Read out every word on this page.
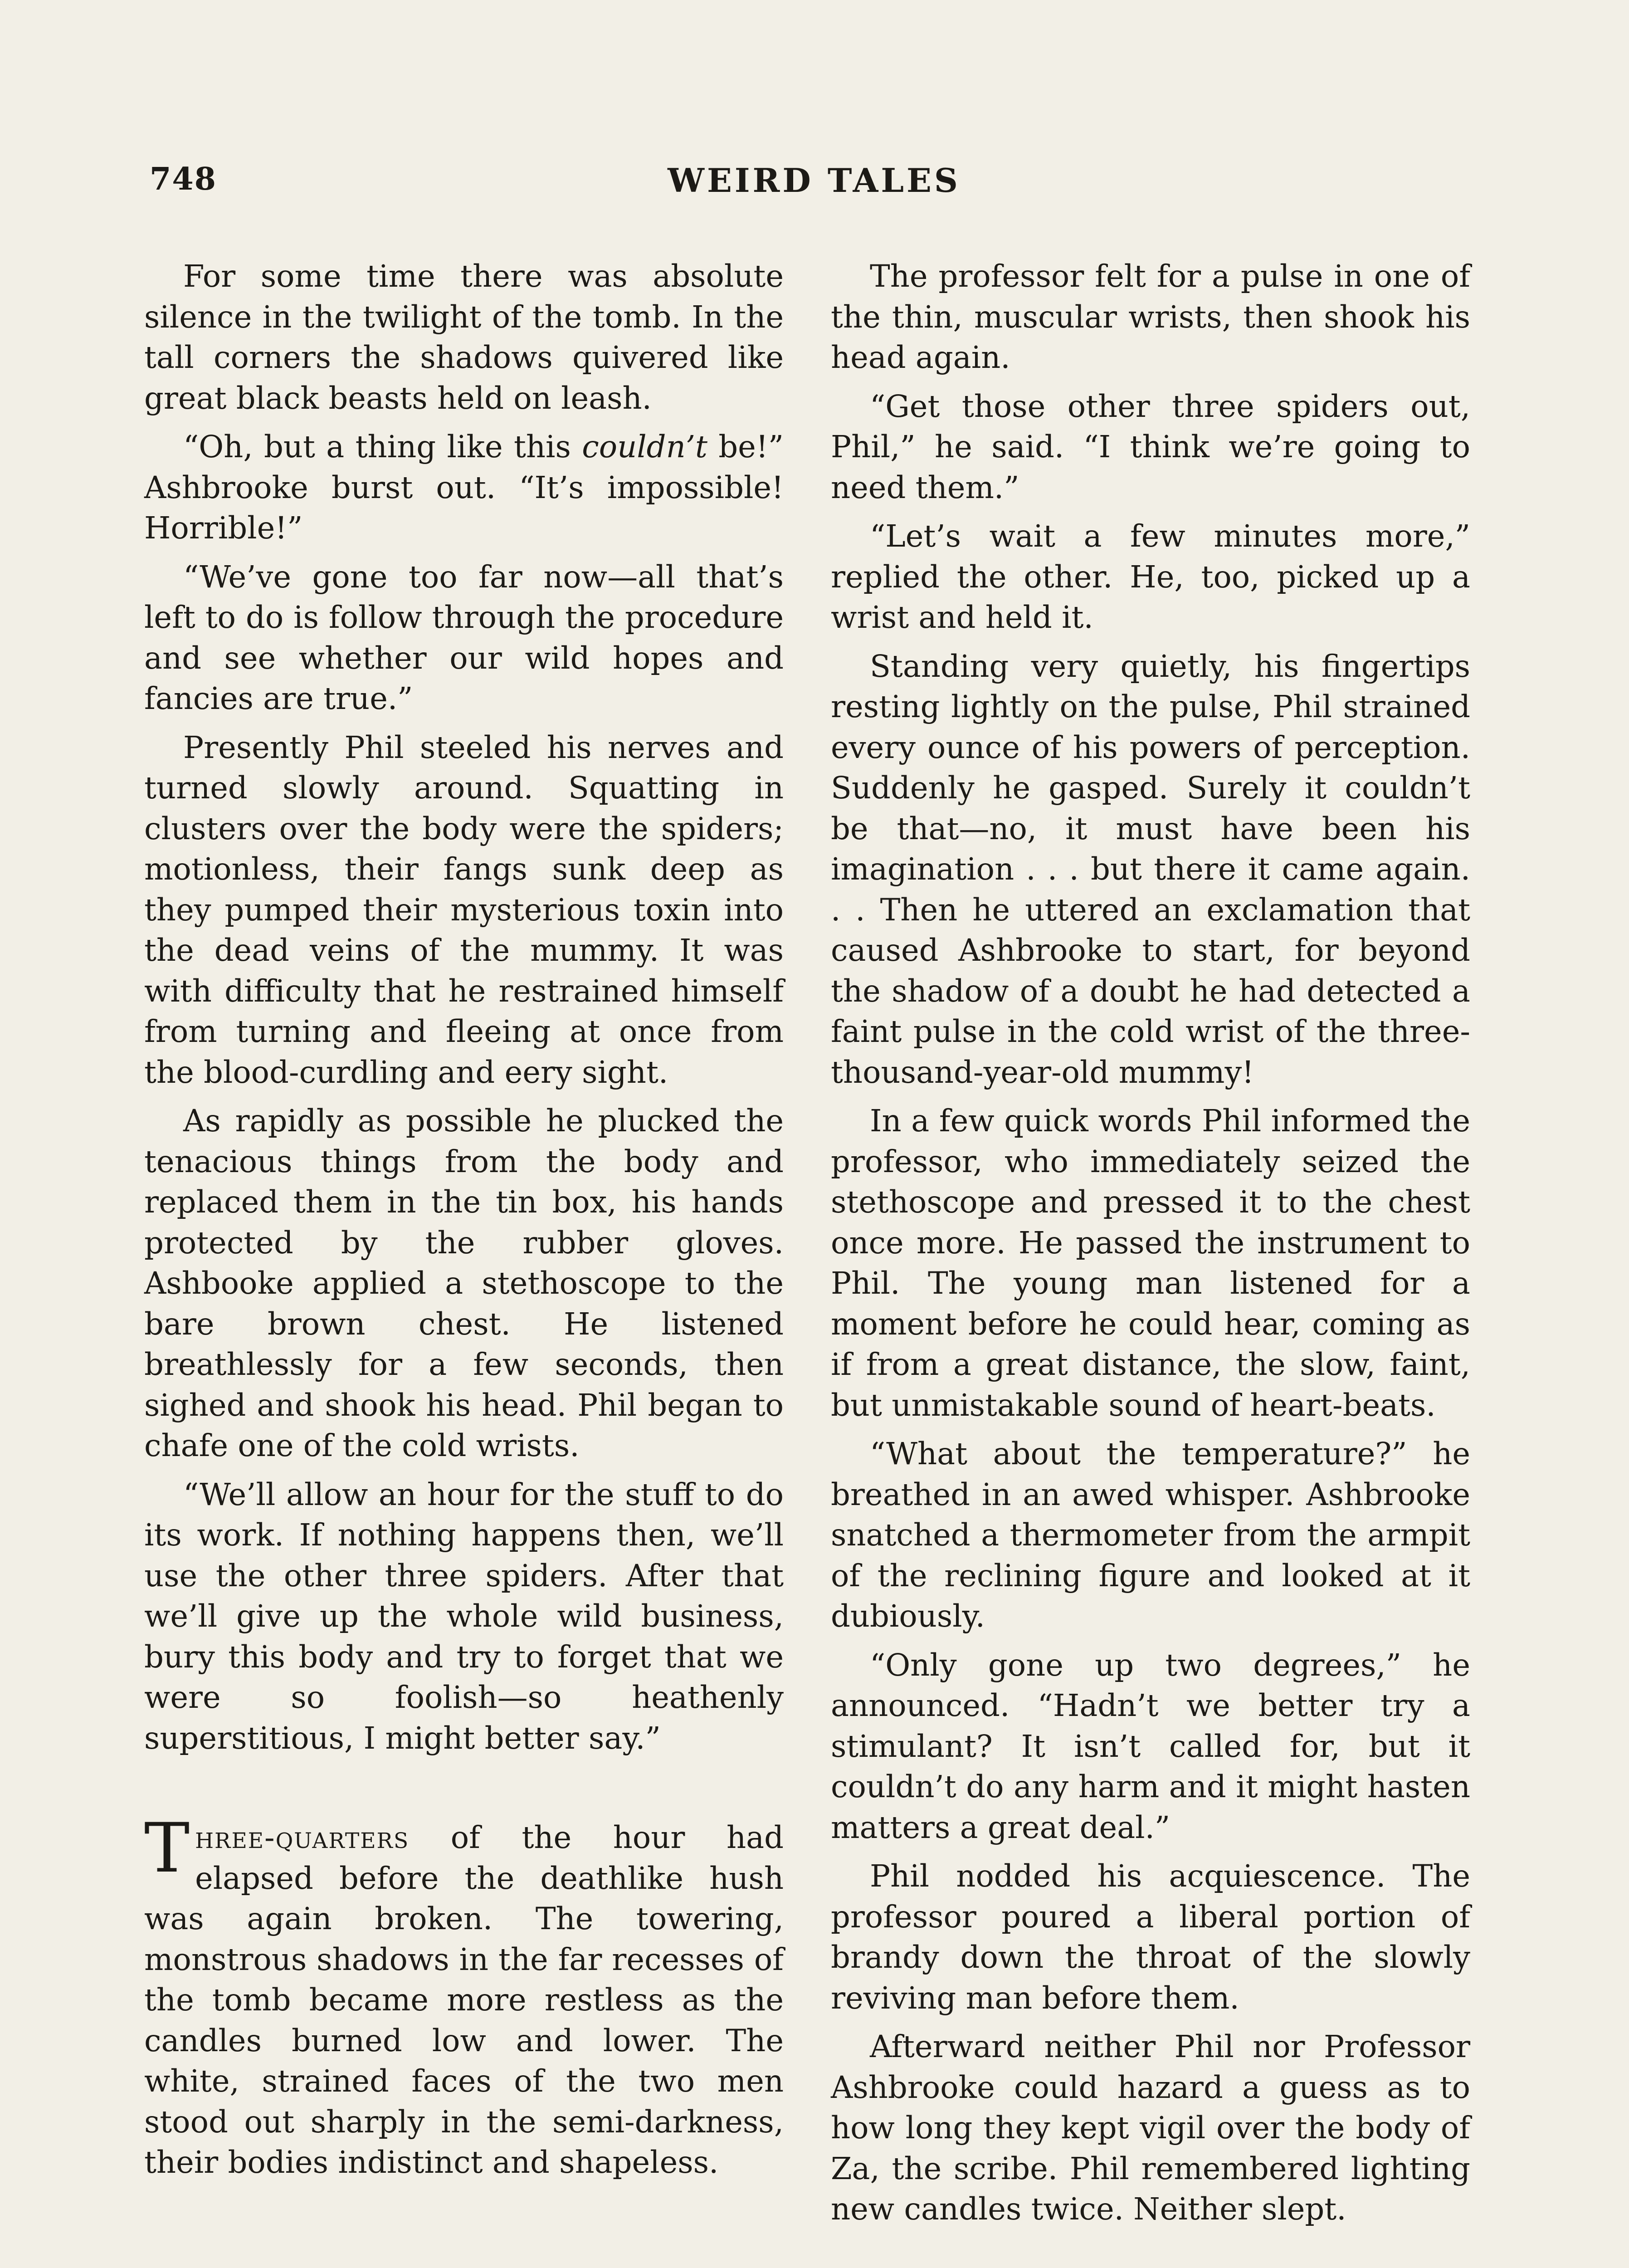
748	WEIRD TALES

For some time there was absolute silence in the twilight of the tomb. In the tall corners the shadows quivered like great black beasts held on leash.

“Oh, but a thing like this couldn’t be!” Ashbrooke burst out. “It’s impossible! Horrible!”

“We’ve gone too far now—all that’s left to do is follow through the procedure and see whether our wild hopes and fancies are true.”

Presently Phil steeled his nerves and turned slowly around. Squatting in clusters over the body were the spiders; motionless, their fangs sunk deep as they pumped their mysterious toxin into the dead veins of the mummy. It was with difficulty that he restrained himself from turning and fleeing at once from the blood-curdling and eery sight.

As rapidly as possible he plucked the tenacious things from the body and replaced them in the tin box, his hands protected by the rubber gloves. Ashbooke applied a stethoscope to the bare brown chest. He listened breathlessly for a few seconds, then sighed and shook his head. Phil began to chafe one of the cold wrists.

“We’ll allow an hour for the stuff to do its work. If nothing happens then, we’ll use the other three spiders. After that we’ll give up the whole wild business, bury this body and try to forget that we were so foolish—so heathenly superstitious, I might better say.”

Three-quarters of the hour had elapsed before the deathlike hush was again broken. The towering, monstrous shadows in the far recesses of the tomb became more restless as the candles burned low and lower. The white, strained faces of the two men stood out sharply in the semi-darkness, their bodies indistinct and shapeless.

The professor felt for a pulse in one of the thin, muscular wrists, then shook his head again.

“Get those other three spiders out, Phil,” he said. “I think we’re going to need them.”

“Let’s wait a few minutes more,” replied the other. He, too, picked up a wrist and held it.

Standing very quietly, his fingertips resting lightly on the pulse, Phil strained every ounce of his powers of perception. Suddenly he gasped. Surely it couldn’t be that—no, it must have been his imagination . . . but there it came again. . . Then he uttered an exclamation that caused Ashbrooke to start, for beyond the shadow of a doubt he had detected a faint pulse in the cold wrist of the three-thousand-year-old mummy!

In a few quick words Phil informed the professor, who immediately seized the stethoscope and pressed it to the chest once more. He passed the instrument to Phil. The young man listened for a moment before he could hear, coming as if from a great distance, the slow, faint, but unmistakable sound of heart-beats.

“What about the temperature?” he breathed in an awed whisper. Ashbrooke snatched a thermometer from the armpit of the reclining figure and looked at it dubiously.

“Only gone up two degrees,” he announced. “Hadn’t we better try a stimulant? It isn’t called for, but it couldn’t do any harm and it might hasten matters a great deal.”

Phil nodded his acquiescence. The professor poured a liberal portion of brandy down the throat of the slowly reviving man before them.

Afterward neither Phil nor Professor Ashbrooke could hazard a guess as to how long they kept vigil over the body of Za, the scribe. Phil remembered lighting new candles twice. Neither slept.
